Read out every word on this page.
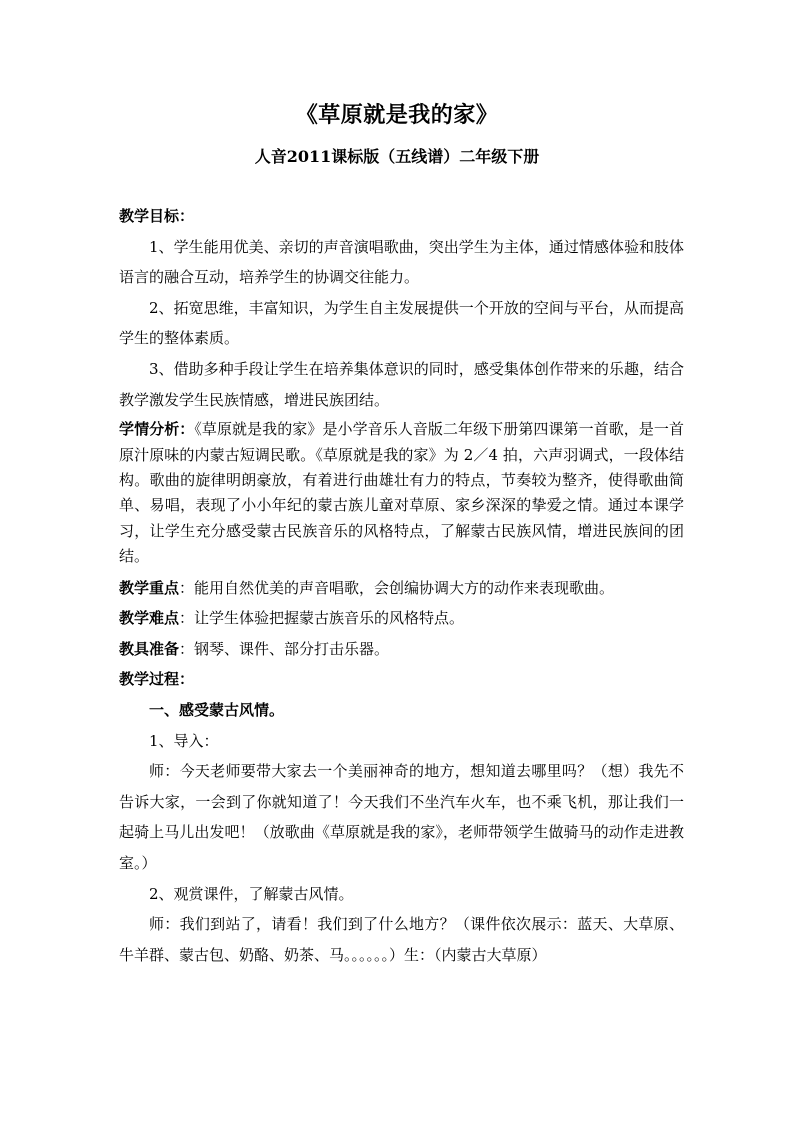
《草原就是我的家》
人音2011课标版（五线谱）二年级下册

教学目标：

1、学生能用优美、亲切的声音演唱歌曲，突出学生为主体，通过情感体验和肢体语言的融合互动，培养学生的协调交往能力。

2、拓宽思维，丰富知识，为学生自主发展提供一个开放的空间与平台，从而提高学生的整体素质。

3、借助多种手段让学生在培养集体意识的同时，感受集体创作带来的乐趣，结合教学激发学生民族情感，增进民族团结。

学情分析：《草原就是我的家》是小学音乐人音版二年级下册第四课第一首歌，是一首原汁原味的内蒙古短调民歌。《草原就是我的家》为 2／4 拍，六声羽调式，一段体结构。歌曲的旋律明朗豪放，有着进行曲雄壮有力的特点，节奏较为整齐，使得歌曲简单、易唱，表现了小小年纪的蒙古族儿童对草原、家乡深深的挚爱之情。通过本课学习，让学生充分感受蒙古民族音乐的风格特点，了解蒙古民族风情，增进民族间的团结。

教学重点：能用自然优美的声音唱歌，会创编协调大方的动作来表现歌曲。

教学难点：让学生体验把握蒙古族音乐的风格特点。

教具准备：钢琴、课件、部分打击乐器。

教学过程：

一、感受蒙古风情。

1、导入：

师：今天老师要带大家去一个美丽神奇的地方，想知道去哪里吗？（想）我先不告诉大家，一会到了你就知道了！今天我们不坐汽车火车，也不乘飞机，那让我们一起骑上马儿出发吧！（放歌曲《草原就是我的家》，老师带领学生做骑马的动作走进教室。）

2、观赏课件，了解蒙古风情。

师：我们到站了，请看！我们到了什么地方？（课件依次展示：蓝天、大草原、牛羊群、蒙古包、奶酪、奶茶、马。。。。。。）生：（内蒙古大草原）
